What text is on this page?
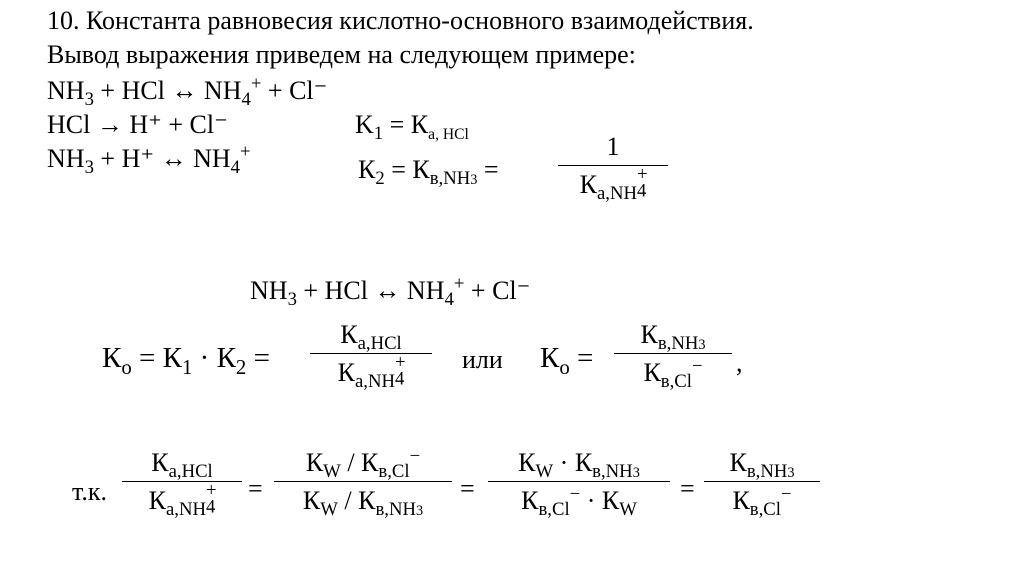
10. Константа равновесия кислотно-основного взаимодействия.
Вывод выражения приведем на следующем примере:
$NH_3$ + HCl ↔ $NH_4^+ + Cl^-$
HCl → H⁺ + Cl⁻	$K_1 = К_{а, HCl}$
$NH_3 + H^+$ ↔ $NH_4^+$
$К_2 = К_{в,NH3}$ =
1
$К_{а,NH}$
+
4
$NH_3$ + HCl ↔ $NH_4^+ + Cl^-$
$К_о = К_1 \cdot К_2$ =
$К_{а,HCl}$
$К_{а,NH}$
+
4
или $К_о$ =
$К_{в,NH3}$
$К_{в,Cl}^-$ ,
т.к.
$К_{a,HCl}$
$К_{a,NH}$
+
4
=
$К_W / К_{в,Cl}^-$
$К_W / К_{в,NH3}$
=
$К_W \cdot К_{в,NH3}$
$К_{в,Cl}^- \cdot К_W$
=
$К_{в,NH3}$
$К_{в,Cl}^-$
